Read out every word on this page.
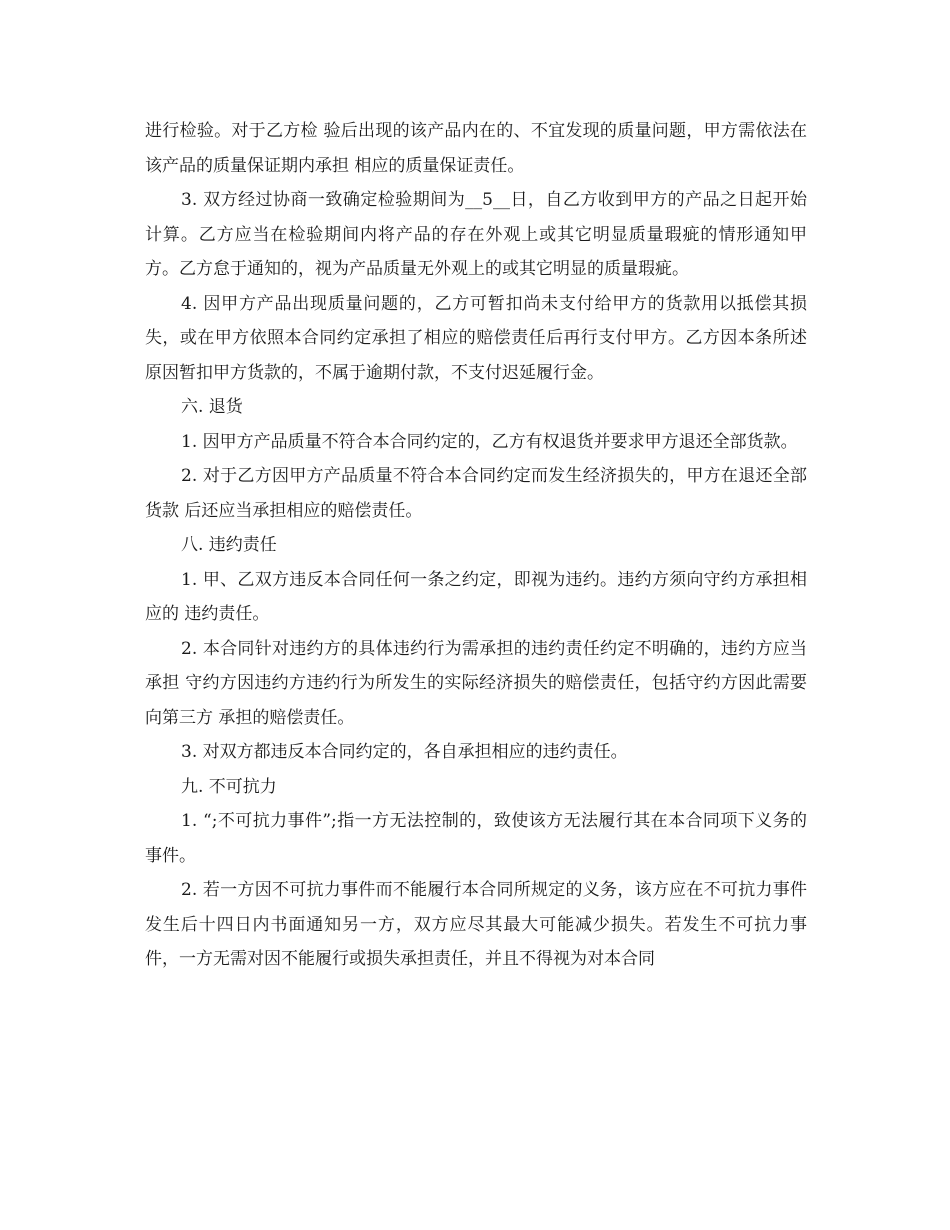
进行检验。对于乙方检 验后出现的该产品内在的、不宜发现的质量问题，甲方需依法在该产品的质量保证期内承担 相应的质量保证责任。

3. 双方经过协商一致确定检验期间为__5__日，自乙方收到甲方的产品之日起开始计算。乙方应当在检验期间内将产品的存在外观上或其它明显质量瑕疵的情形通知甲方。乙方怠于通知的，视为产品质量无外观上的或其它明显的质量瑕疵。

4. 因甲方产品出现质量问题的，乙方可暂扣尚未支付给甲方的货款用以抵偿其损失，或在甲方依照本合同约定承担了相应的赔偿责任后再行支付甲方。乙方因本条所述原因暂扣甲方货款的，不属于逾期付款，不支付迟延履行金。

六. 退货

1. 因甲方产品质量不符合本合同约定的，乙方有权退货并要求甲方退还全部货款。

2. 对于乙方因甲方产品质量不符合本合同约定而发生经济损失的，甲方在退还全部货款 后还应当承担相应的赔偿责任。

八. 违约责任

1. 甲、乙双方违反本合同任何一条之约定，即视为违约。违约方须向守约方承担相应的 违约责任。

2. 本合同针对违约方的具体违约行为需承担的违约责任约定不明确的，违约方应当承担 守约方因违约方违约行为所发生的实际经济损失的赔偿责任，包括守约方因此需要向第三方 承担的赔偿责任。

3. 对双方都违反本合同约定的，各自承担相应的违约责任。

九. 不可抗力

1. “;不可抗力事件”;指一方无法控制的，致使该方无法履行其在本合同项下义务的事件。

2. 若一方因不可抗力事件而不能履行本合同所规定的义务，该方应在不可抗力事件发生后十四日内书面通知另一方，双方应尽其最大可能减少损失。若发生不可抗力事件，一方无需对因不能履行或损失承担责任，并且不得视为对本合同
